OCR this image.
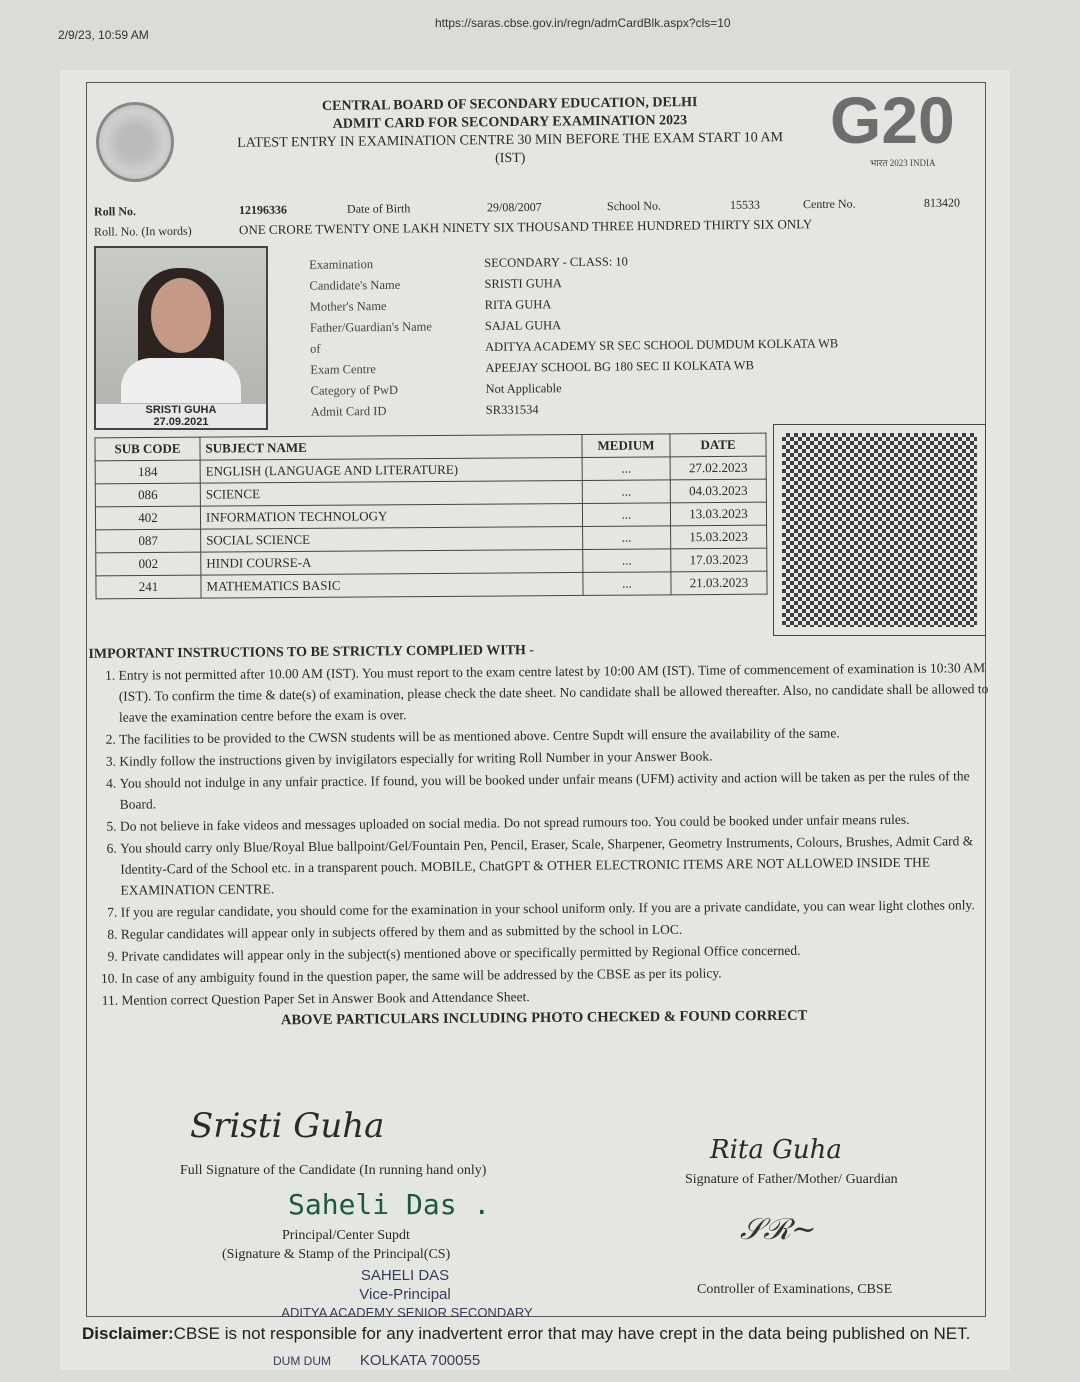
2/9/23, 10:59 AM
https://saras.cbse.gov.in/regn/admCardBlk.aspx?cls=10
CENTRAL BOARD OF SECONDARY EDUCATION, DELHI
ADMIT CARD FOR SECONDARY EXAMINATION 2023
LATEST ENTRY IN EXAMINATION CENTRE 30 MIN BEFORE THE EXAM START 10 AM
(IST)
G20
भारत 2023 INDIA
Roll No.	12196336	Date of Birth	29/08/2007	School No.	15533	Centre No.	813420
Roll. No. (In words)	ONE CRORE TWENTY ONE LAKH NINETY SIX THOUSAND THREE HUNDRED THIRTY SIX ONLY
SRISTI GUHA
27.09.2021
Examination	SECONDARY - CLASS: 10
Candidate's Name	SRISTI GUHA
Mother's Name	RITA GUHA
Father/Guardian's Name	SAJAL GUHA
of	ADITYA ACADEMY SR SEC SCHOOL DUMDUM KOLKATA WB
Exam Centre	APEEJAY SCHOOL BG 180 SEC II KOLKATA WB
Category of PwD	Not Applicable
Admit Card ID	SR331534
SUB CODE	SUBJECT NAME	MEDIUM	DATE
184	ENGLISH (LANGUAGE AND LITERATURE)	...	27.02.2023
086	SCIENCE	...	04.03.2023
402	INFORMATION TECHNOLOGY	...	13.03.2023
087	SOCIAL SCIENCE	...	15.03.2023
002	HINDI COURSE-A	...	17.03.2023
241	MATHEMATICS BASIC	...	21.03.2023
IMPORTANT INSTRUCTIONS TO BE STRICTLY COMPLIED WITH -
1. Entry is not permitted after 10.00 AM (IST). You must report to the exam centre latest by 10:00 AM (IST). Time of commencement of examination is 10:30 AM (IST). To confirm the time & date(s) of examination, please check the date sheet. No candidate shall be allowed thereafter. Also, no candidate shall be allowed to leave the examination centre before the exam is over.
2. The facilities to be provided to the CWSN students will be as mentioned above. Centre Supdt will ensure the availability of the same.
3. Kindly follow the instructions given by invigilators especially for writing Roll Number in your Answer Book.
4. You should not indulge in any unfair practice. If found, you will be booked under unfair means (UFM) activity and action will be taken as per the rules of the Board.
5. Do not believe in fake videos and messages uploaded on social media. Do not spread rumours too. You could be booked under unfair means rules.
6. You should carry only Blue/Royal Blue ballpoint/Gel/Fountain Pen, Pencil, Eraser, Scale, Sharpener, Geometry Instruments, Colours, Brushes, Admit Card & Identity-Card of the School etc. in a transparent pouch. MOBILE, ChatGPT & OTHER ELECTRONIC ITEMS ARE NOT ALLOWED INSIDE THE EXAMINATION CENTRE.
7. If you are regular candidate, you should come for the examination in your school uniform only. If you are a private candidate, you can wear light clothes only.
8. Regular candidates will appear only in subjects offered by them and as submitted by the school in LOC.
9. Private candidates will appear only in the subject(s) mentioned above or specifically permitted by Regional Office concerned.
10. In case of any ambiguity found in the question paper, the same will be addressed by the CBSE as per its policy.
11. Mention correct Question Paper Set in Answer Book and Attendance Sheet.
ABOVE PARTICULARS INCLUDING PHOTO CHECKED & FOUND CORRECT
Sristi Guha
Full Signature of the Candidate (In running hand only)
Rita Guha
Signature of Father/Mother/ Guardian
Saheli Das .
Principal/Center Supdt
(Signature & Stamp of the Principal(CS)
𝒮ℛ~
Controller of Examinations, CBSE
SAHELI DAS
Vice-Principal
ADITYA ACADEMY SENIOR SECONDARY
Disclaimer:CBSE is not responsible for any inadvertent error that may have crept in the data being published on NET.
DUM DUM	KOLKATA 700055
